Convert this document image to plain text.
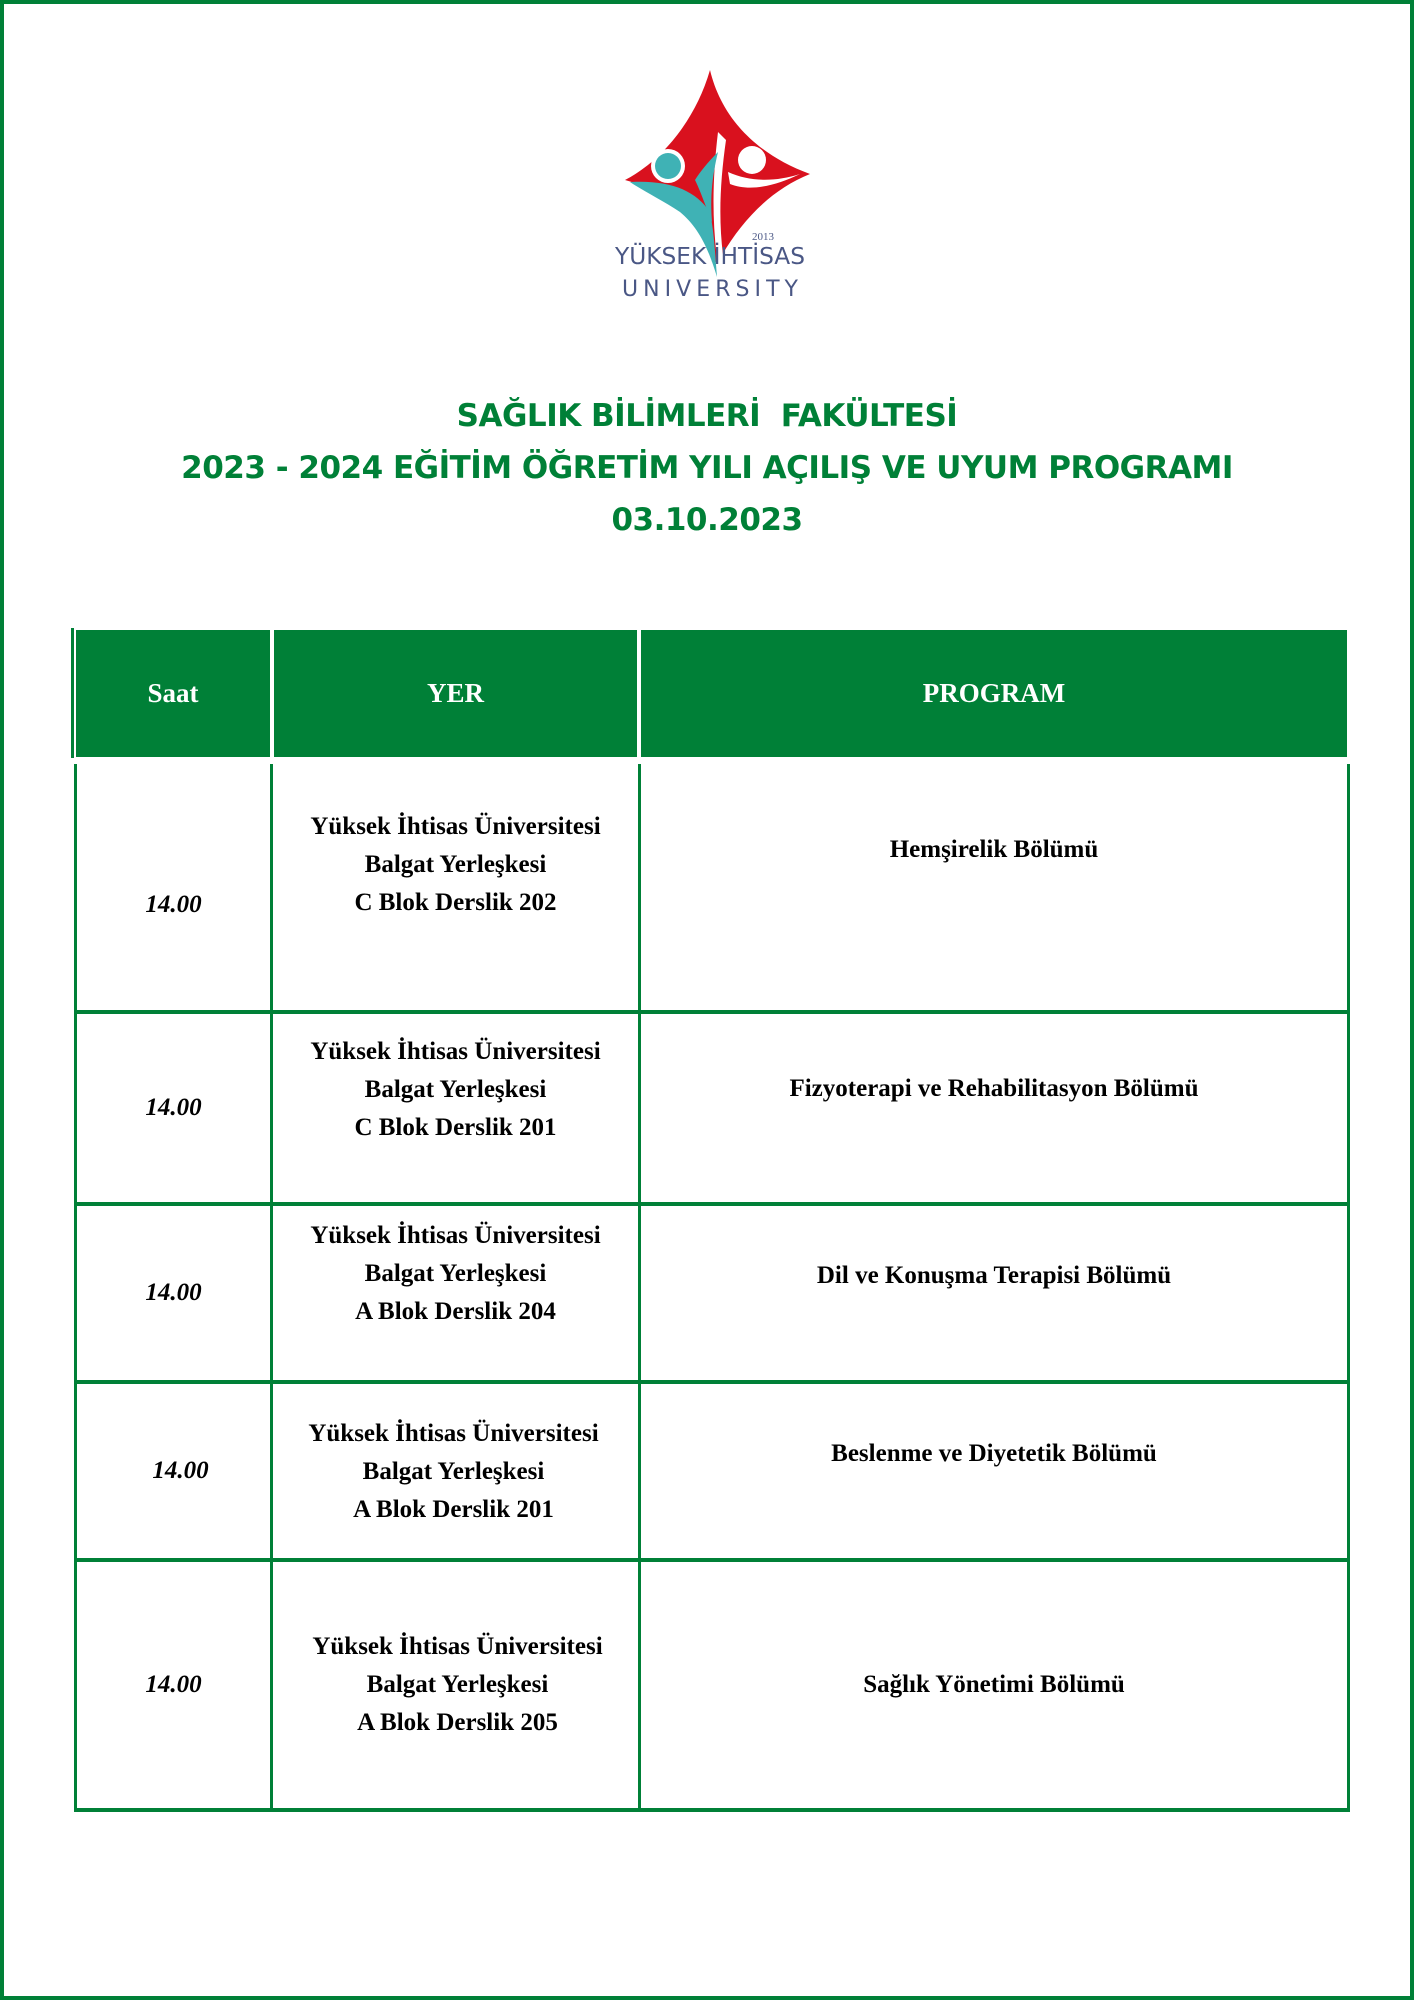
2013
YÜKSEK İHTİSAS
UNIVERSITY
SAĞLIK BİLİMLERİ  FAKÜLTESİ
2023 - 2024 EĞİTİM ÖĞRETİM YILI AÇILIŞ VE UYUM PROGRAMI
03.10.2023
Saat	YER	PROGRAM
14.00
Yüksek İhtisas Üniversitesi
Balgat Yerleşkesi
C Blok Derslik 202
Hemşirelik Bölümü
14.00
Yüksek İhtisas Üniversitesi
Balgat Yerleşkesi
C Blok Derslik 201
Fizyoterapi ve Rehabilitasyon Bölümü
14.00
Yüksek İhtisas Üniversitesi
Balgat Yerleşkesi
A Blok Derslik 204
Dil ve Konuşma Terapisi Bölümü
14.00
Yüksek İhtisas Üniversitesi
Balgat Yerleşkesi
A Blok Derslik 201
Beslenme ve Diyetetik Bölümü
14.00
Yüksek İhtisas Üniversitesi
Balgat Yerleşkesi
A Blok Derslik 205
Sağlık Yönetimi Bölümü
